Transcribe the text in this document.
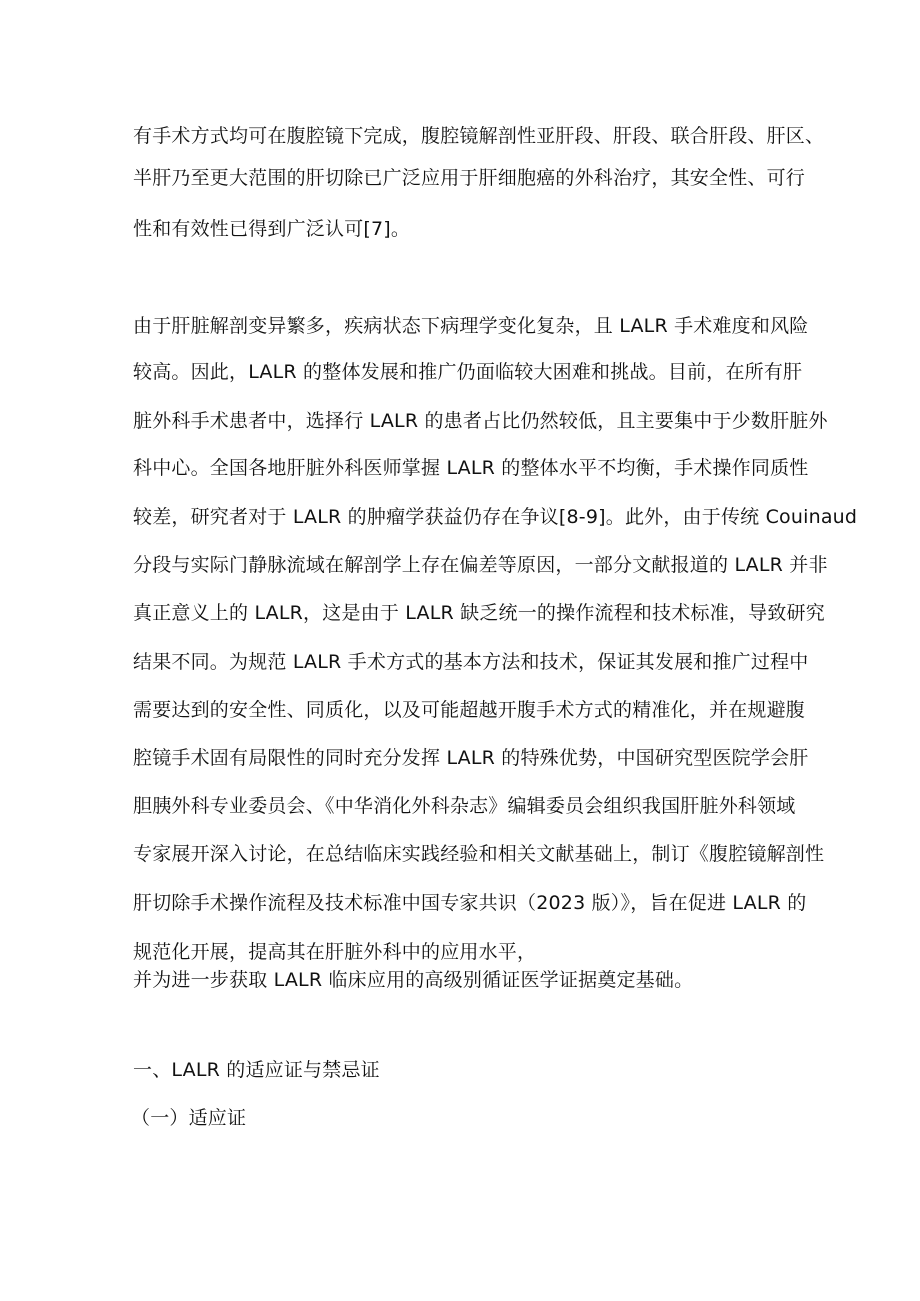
有手术方式均可在腹腔镜下完成，腹腔镜解剖性亚肝段、肝段、联合肝段、肝区、
半肝乃至更大范围的肝切除已广泛应用于肝细胞癌的外科治疗，其安全性、可行
性和有效性已得到广泛认可[7]。
由于肝脏解剖变异繁多，疾病状态下病理学变化复杂，且 LALR 手术难度和风险
较高。因此，LALR 的整体发展和推广仍面临较大困难和挑战。目前，在所有肝
脏外科手术患者中，选择行 LALR 的患者占比仍然较低，且主要集中于少数肝脏外
科中心。全国各地肝脏外科医师掌握 LALR 的整体水平不均衡，手术操作同质性
较差，研究者对于 LALR 的肿瘤学获益仍存在争议[8-9]。此外，由于传统 Couinaud
分段与实际门静脉流域在解剖学上存在偏差等原因，一部分文献报道的 LALR 并非
真正意义上的 LALR，这是由于 LALR 缺乏统一的操作流程和技术标准，导致研究
结果不同。为规范 LALR 手术方式的基本方法和技术，保证其发展和推广过程中
需要达到的安全性、同质化，以及可能超越开腹手术方式的精准化，并在规避腹
腔镜手术固有局限性的同时充分发挥 LALR 的特殊优势，中国研究型医院学会肝
胆胰外科专业委员会、《中华消化外科杂志》编辑委员会组织我国肝脏外科领域
专家展开深入讨论，在总结临床实践经验和相关文献基础上，制订《腹腔镜解剖性
肝切除手术操作流程及技术标准中国专家共识（2023 版）》，旨在促进 LALR 的
规范化开展，提高其在肝脏外科中的应用水平，
并为进一步获取 LALR 临床应用的高级别循证医学证据奠定基础。
一、LALR 的适应证与禁忌证
（一）适应证
